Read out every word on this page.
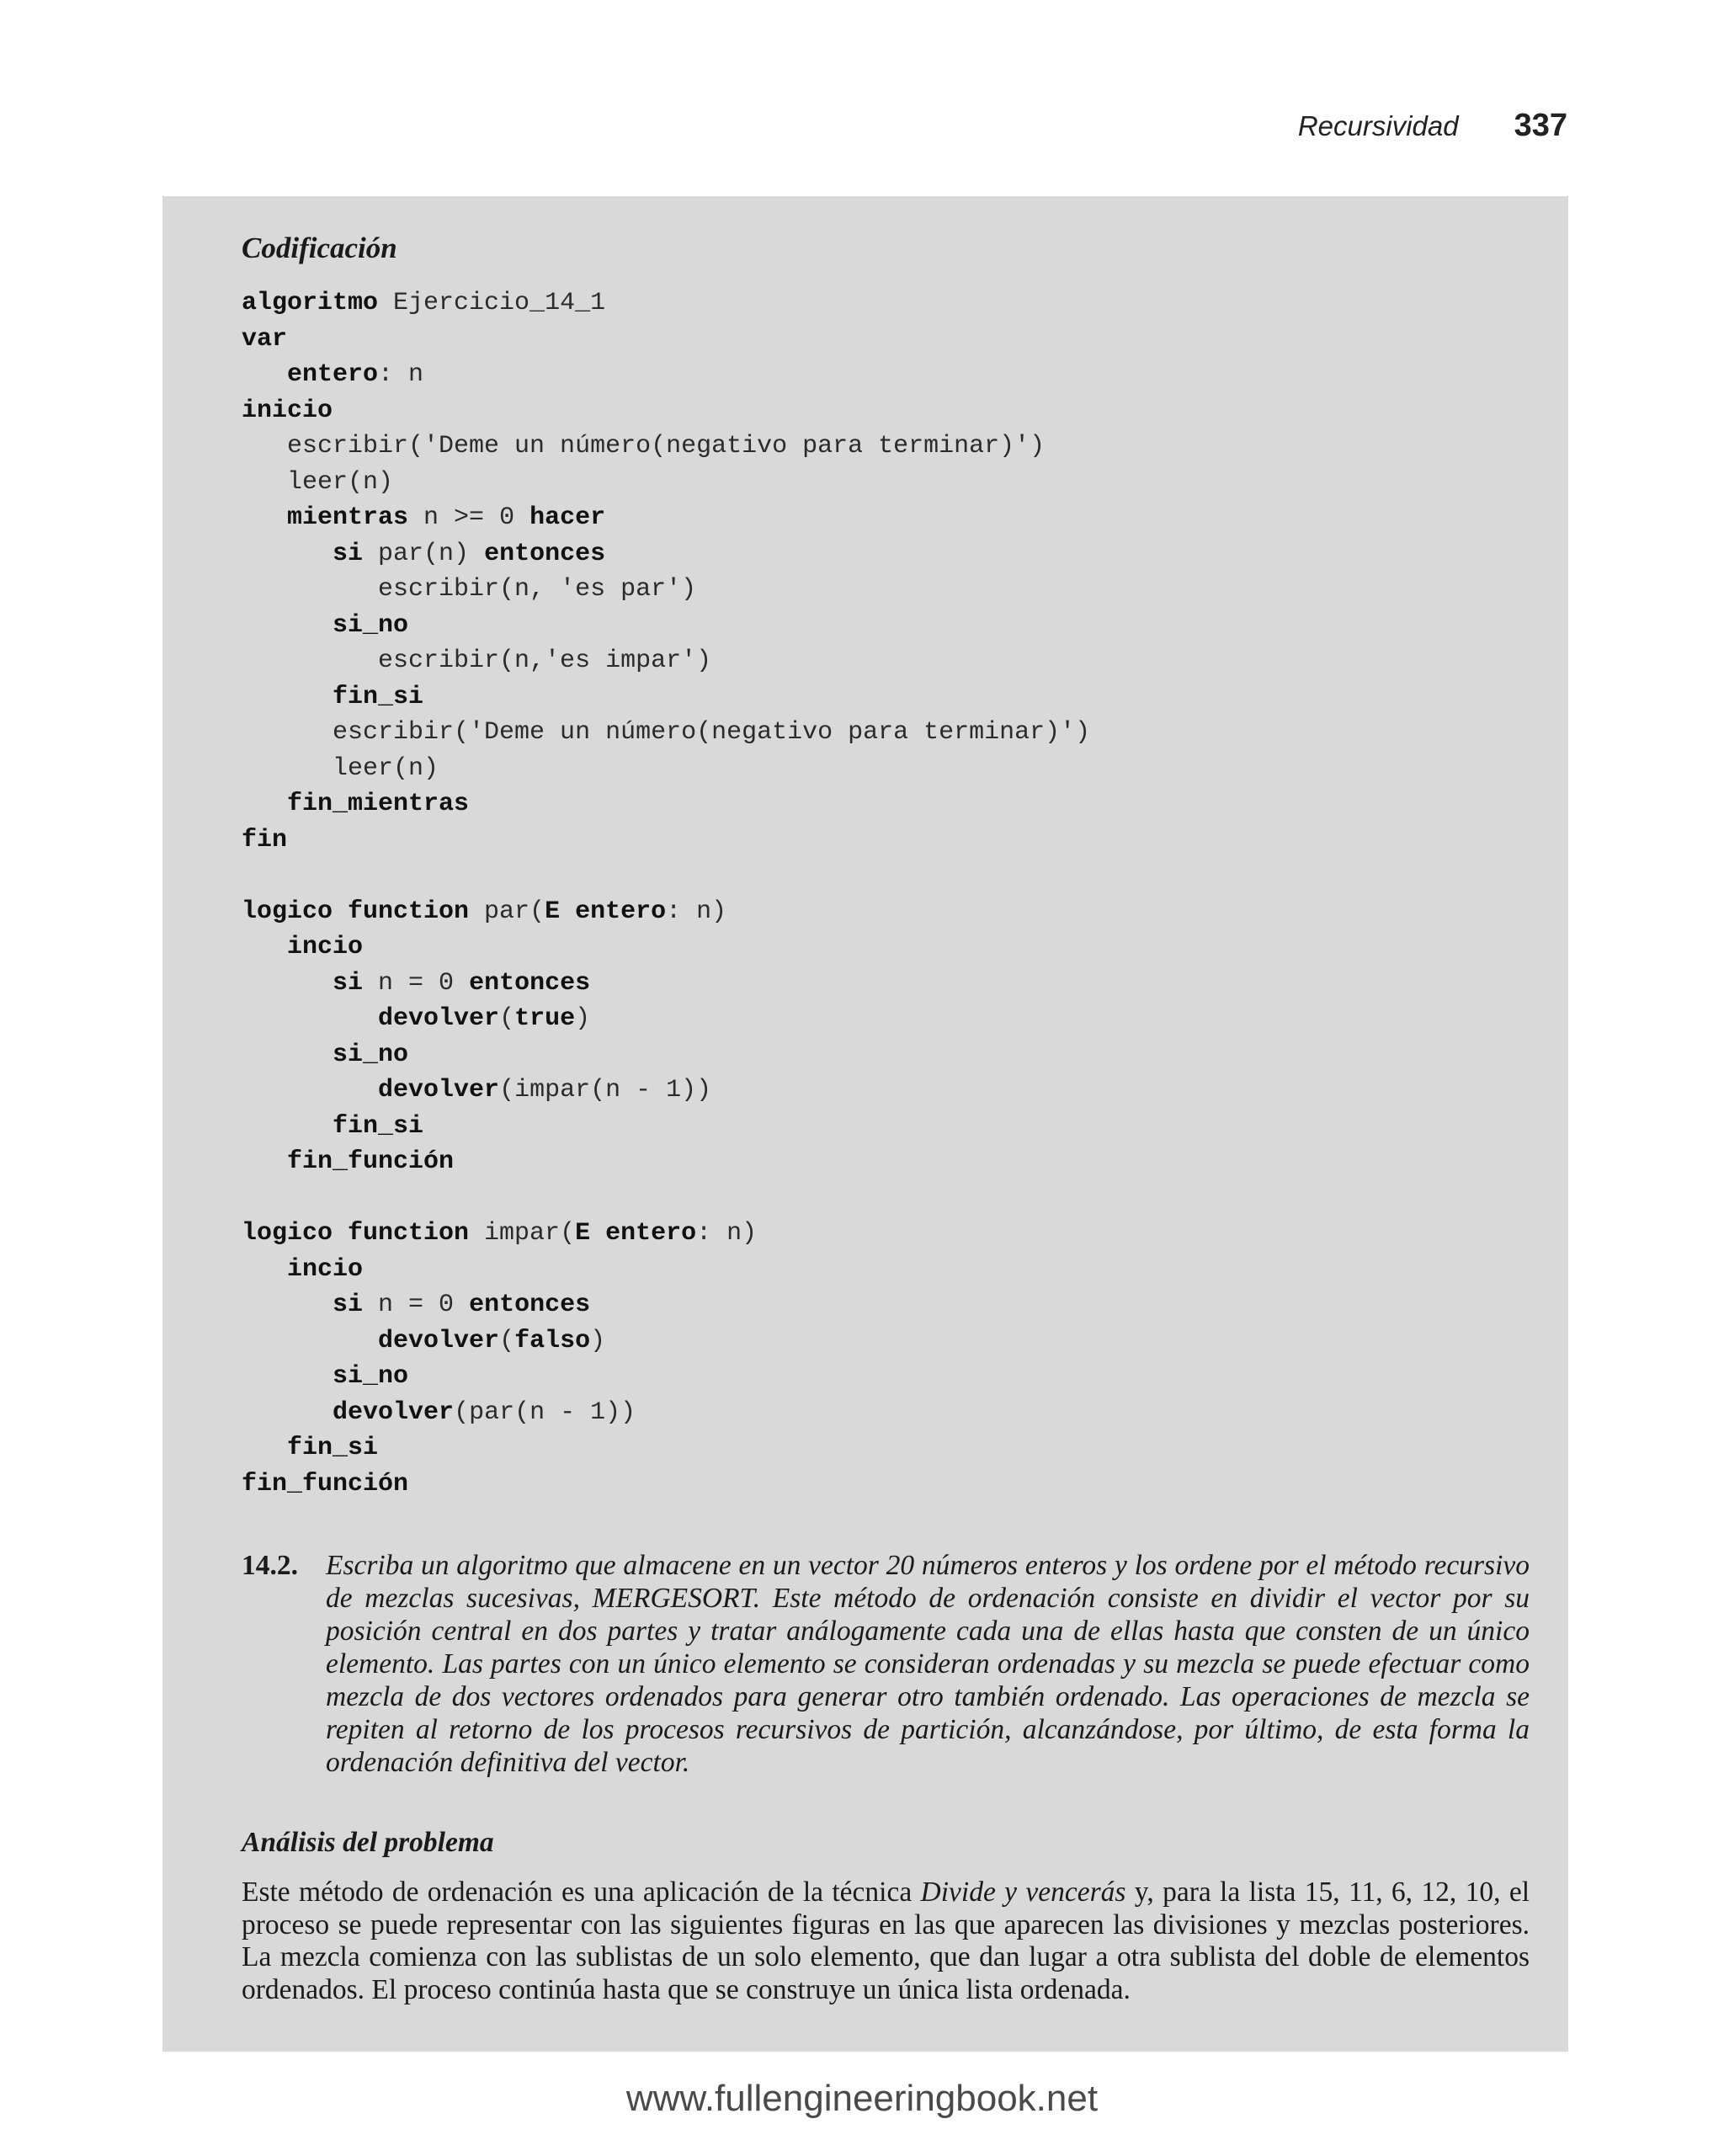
Recursividad 337
Codificación
algoritmo Ejercicio_14_1
var
entero: n
inicio
escribir('Deme un número(negativo para terminar)')
leer(n)
mientras n >= 0 hacer
si par(n) entonces
escribir(n, 'es par')
si_no
escribir(n,'es impar')
fin_si
escribir('Deme un número(negativo para terminar)')
leer(n)
fin_mientras
fin

logico function par(E entero: n)
incio
si n = 0 entonces
devolver(true)
si_no
devolver(impar(n - 1))
fin_si
fin_función

logico function impar(E entero: n)
incio
si n = 0 entonces
devolver(falso)
si_no
devolver(par(n - 1))
fin_si
fin_función

14.2. Escriba un algoritmo que almacene en un vector 20 números enteros y los ordene por el método recursivo de mezclas sucesivas, MERGESORT. Este método de ordenación consiste en dividir el vector por su posición central en dos partes y tratar análogamente cada una de ellas hasta que consten de un único elemento. Las partes con un único elemento se consideran ordenadas y su mezcla se puede efectuar como mezcla de dos vectores ordenados para generar otro también ordenado. Las operaciones de mezcla se repiten al retorno de los procesos recursivos de partición, alcanzándose, por último, de esta forma la ordenación definitiva del vector.
Análisis del problema
Este método de ordenación es una aplicación de la técnica Divide y vencerás y, para la lista 15, 11, 6, 12, 10, el proceso se puede representar con las siguientes figuras en las que aparecen las divisiones y mezclas posteriores. La mezcla comienza con las sublistas de un solo elemento, que dan lugar a otra sublista del doble de elementos ordenados. El proceso continúa hasta que se construye un única lista ordenada.
www.fullengineeringbook.net
